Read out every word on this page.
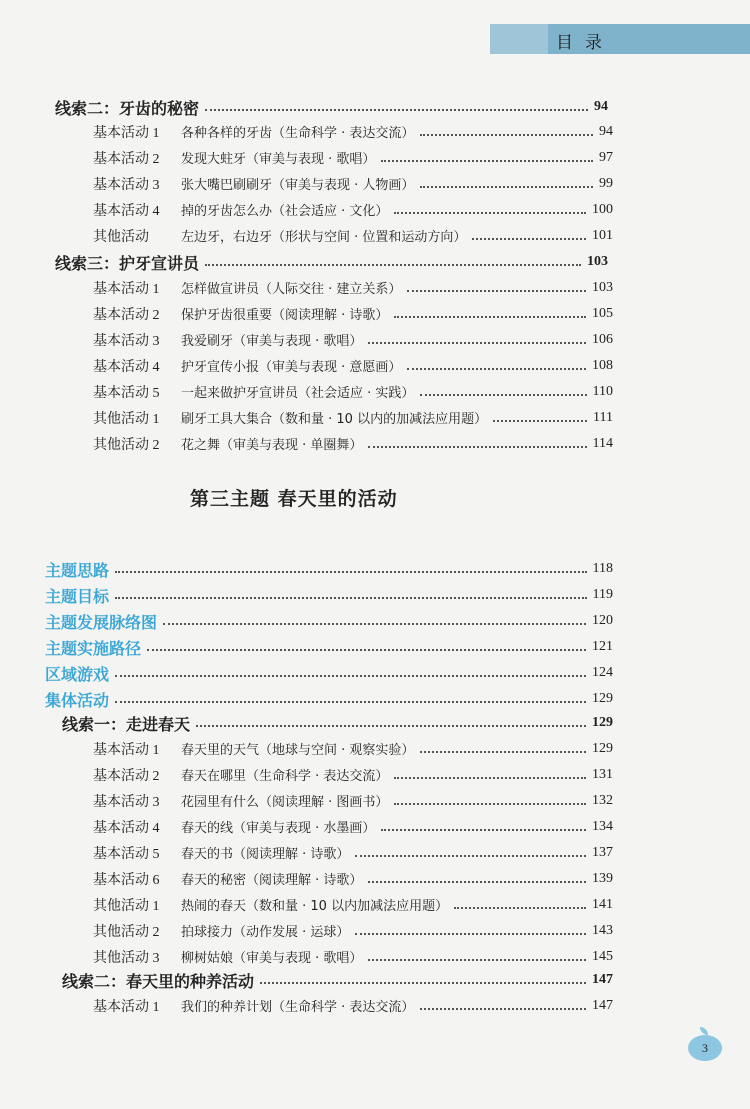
目录
线索二：牙齿的秘密	94
基本活动 1 各种各样的牙齿（生命科学 · 表达交流）	94
基本活动 2 发现大蛀牙（审美与表现 · 歌唱）	97
基本活动 3 张大嘴巴刷刷牙（审美与表现 · 人物画）	99
基本活动 4 掉的牙齿怎么办（社会适应 · 文化）	100
其他活动 左边牙，右边牙（形状与空间 · 位置和运动方向）	101
线索三：护牙宣讲员	103
基本活动 1 怎样做宣讲员（人际交往 · 建立关系）	103
基本活动 2 保护牙齿很重要（阅读理解 · 诗歌）	105
基本活动 3 我爱刷牙（审美与表现 · 歌唱）	106
基本活动 4 护牙宣传小报（审美与表现 · 意愿画）	108
基本活动 5 一起来做护牙宣讲员（社会适应 · 实践）	110
其他活动 1 刷牙工具大集合（数和量 · 10 以内的加减法应用题）	111
其他活动 2 花之舞（审美与表现 · 单圈舞）	114
主题思路	118
主题目标	119
主题发展脉络图	120
主题实施路径	121
区域游戏	124
集体活动	129
线索一：走进春天	129
基本活动 1 春天里的天气（地球与空间 · 观察实验）	129
基本活动 2 春天在哪里（生命科学 · 表达交流）	131
基本活动 3 花园里有什么（阅读理解 · 图画书）	132
基本活动 4 春天的线（审美与表现 · 水墨画）	134
基本活动 5 春天的书（阅读理解 · 诗歌）	137
基本活动 6 春天的秘密（阅读理解 · 诗歌）	139
其他活动 1 热闹的春天（数和量 · 10 以内加减法应用题）	141
其他活动 2 拍球接力（动作发展 · 运球）	143
其他活动 3 柳树姑娘（审美与表现 · 歌唱）	145
线索二：春天里的种养活动	147
基本活动 1 我们的种养计划（生命科学 · 表达交流）	147
第三主题 春天里的活动
3
